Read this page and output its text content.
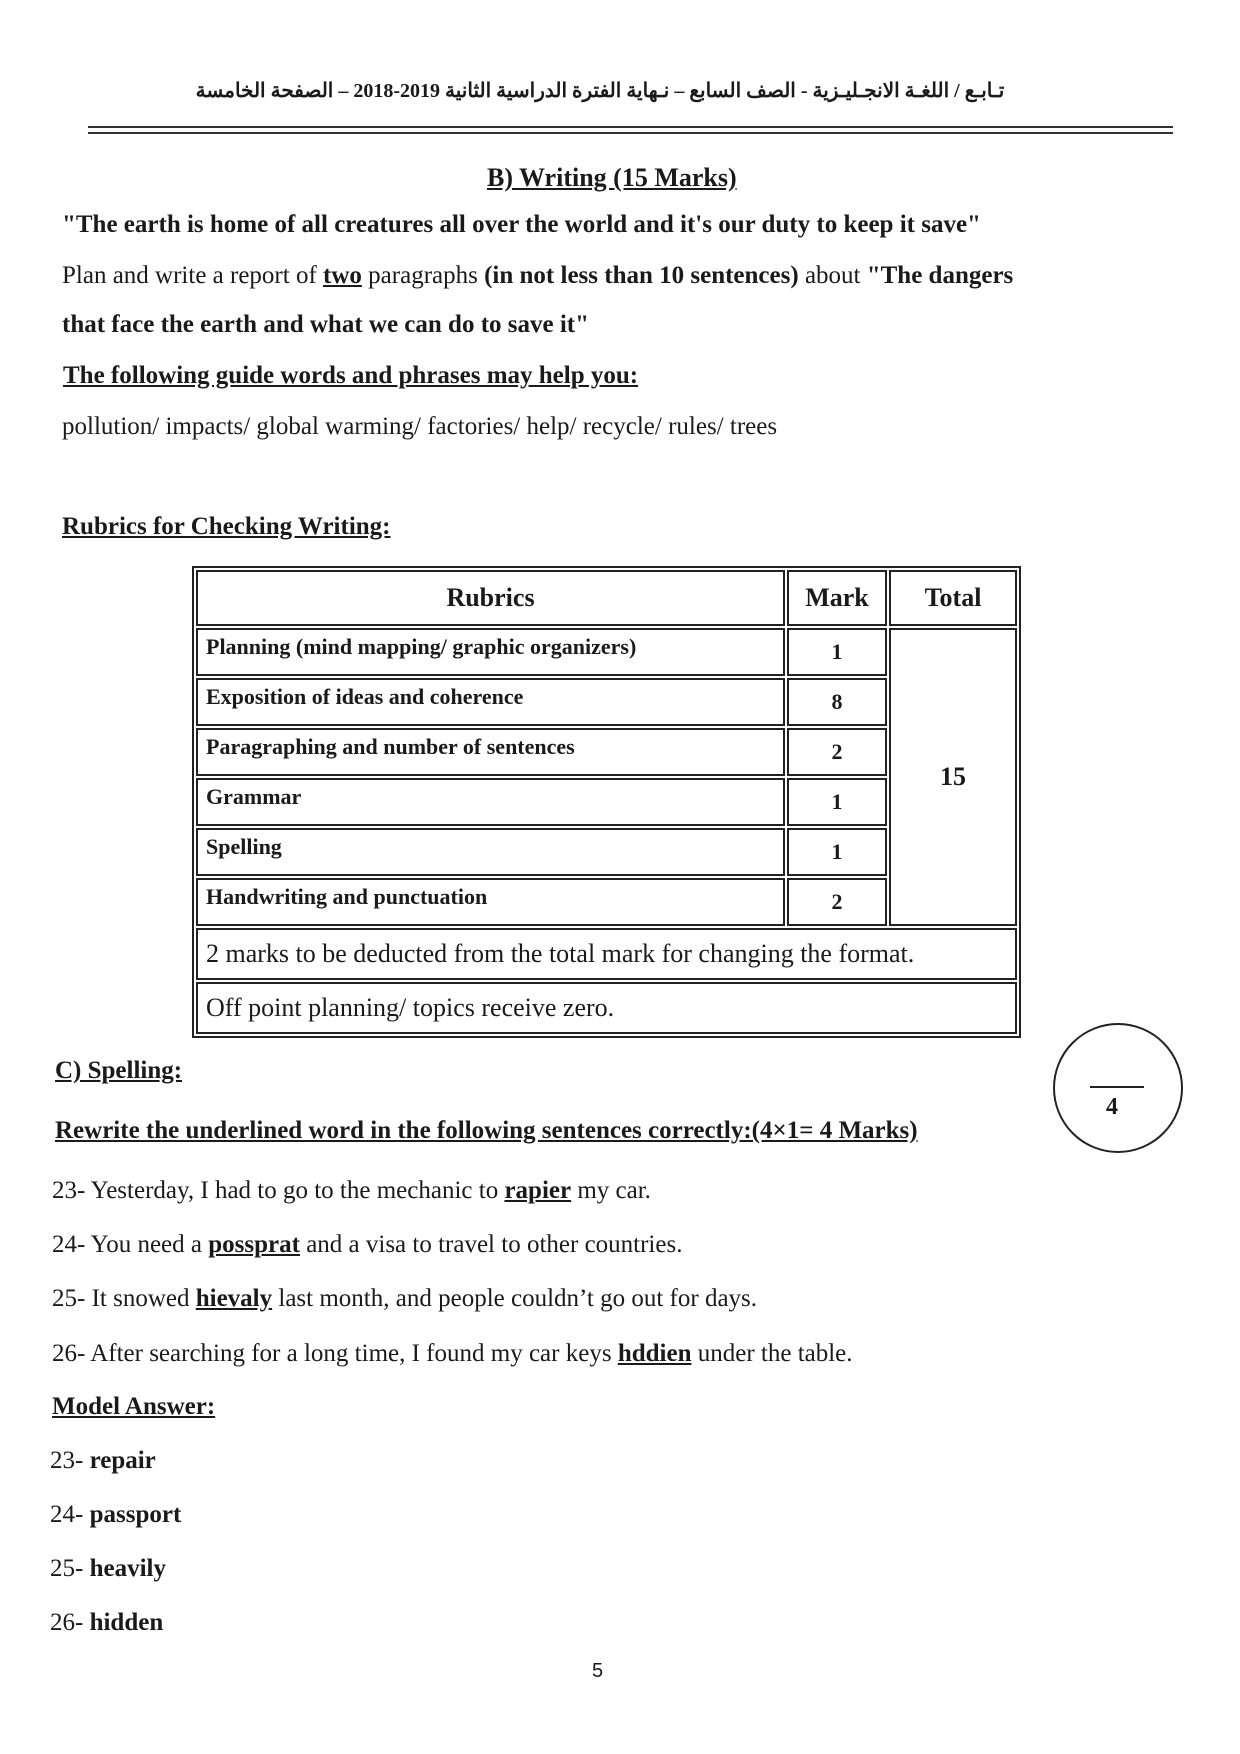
تـابـع / اللغـة الانجـليـزية - الصف السابع – نـهاية الفترة الدراسية الثانية 2019-2018 – الصفحة الخامسة
B) Writing (15 Marks)
"The earth is home of all creatures all over the world and it's our duty to keep it save"
Plan and write a report of two paragraphs (in not less than 10 sentences) about "The dangers
that face the earth and what we can do to save it"
The following guide words and phrases may help you:
pollution/ impacts/ global warming/ factories/ help/ recycle/ rules/ trees
Rubrics for Checking Writing:
Rubrics	Mark	Total
Planning (mind mapping/ graphic organizers)	1	15
Exposition of ideas and coherence	8	
Paragraphing and number of sentences	2	
Grammar	1	
Spelling	1	
Handwriting and punctuation	2	
2 marks to be deducted from the total mark for changing the format.		
Off point planning/ topics receive zero.		
C) Spelling:
Rewrite the underlined word in the following sentences correctly:(4×1= 4 Marks)
4
23- Yesterday, I had to go to the mechanic to rapier my car.
24- You need a possprat and a visa to travel to other countries.
25- It snowed hievaly last month, and people couldn’t go out for days.
26- After searching for a long time, I found my car keys hddien under the table.
Model Answer:
23- repair
24- passport
25- heavily
26- hidden
5
